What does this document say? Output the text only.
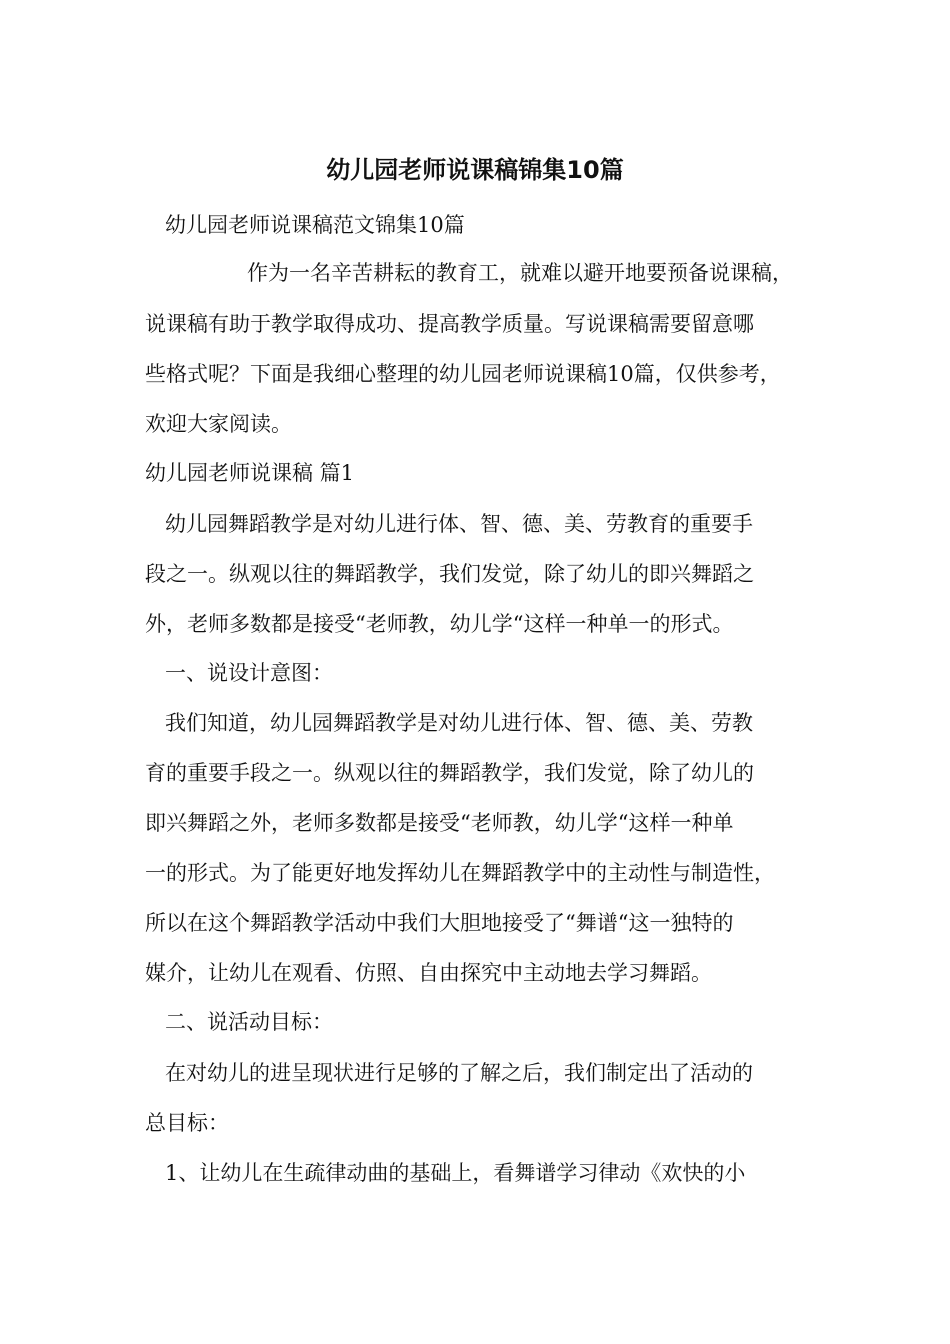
幼儿园老师说课稿锦集10篇
幼儿园老师说课稿范文锦集10篇
作为一名辛苦耕耘的教育工，就难以避开地要预备说课稿，
说课稿有助于教学取得成功、提高教学质量。写说课稿需要留意哪
些格式呢？下面是我细心整理的幼儿园老师说课稿10篇，仅供参考，
欢迎大家阅读。
幼儿园老师说课稿 篇1
幼儿园舞蹈教学是对幼儿进行体、智、德、美、劳教育的重要手
段之一。纵观以往的舞蹈教学，我们发觉，除了幼儿的即兴舞蹈之
外，老师多数都是接受“老师教，幼儿学“这样一种单一的形式。
一、说设计意图：
我们知道，幼儿园舞蹈教学是对幼儿进行体、智、德、美、劳教
育的重要手段之一。纵观以往的舞蹈教学，我们发觉，除了幼儿的
即兴舞蹈之外，老师多数都是接受“老师教，幼儿学“这样一种单
一的形式。为了能更好地发挥幼儿在舞蹈教学中的主动性与制造性，
所以在这个舞蹈教学活动中我们大胆地接受了“舞谱“这一独特的
媒介，让幼儿在观看、仿照、自由探究中主动地去学习舞蹈。
二、说活动目标：
在对幼儿的进呈现状进行足够的了解之后，我们制定出了活动的
总目标：
1、让幼儿在生疏律动曲的基础上，看舞谱学习律动《欢快的小
